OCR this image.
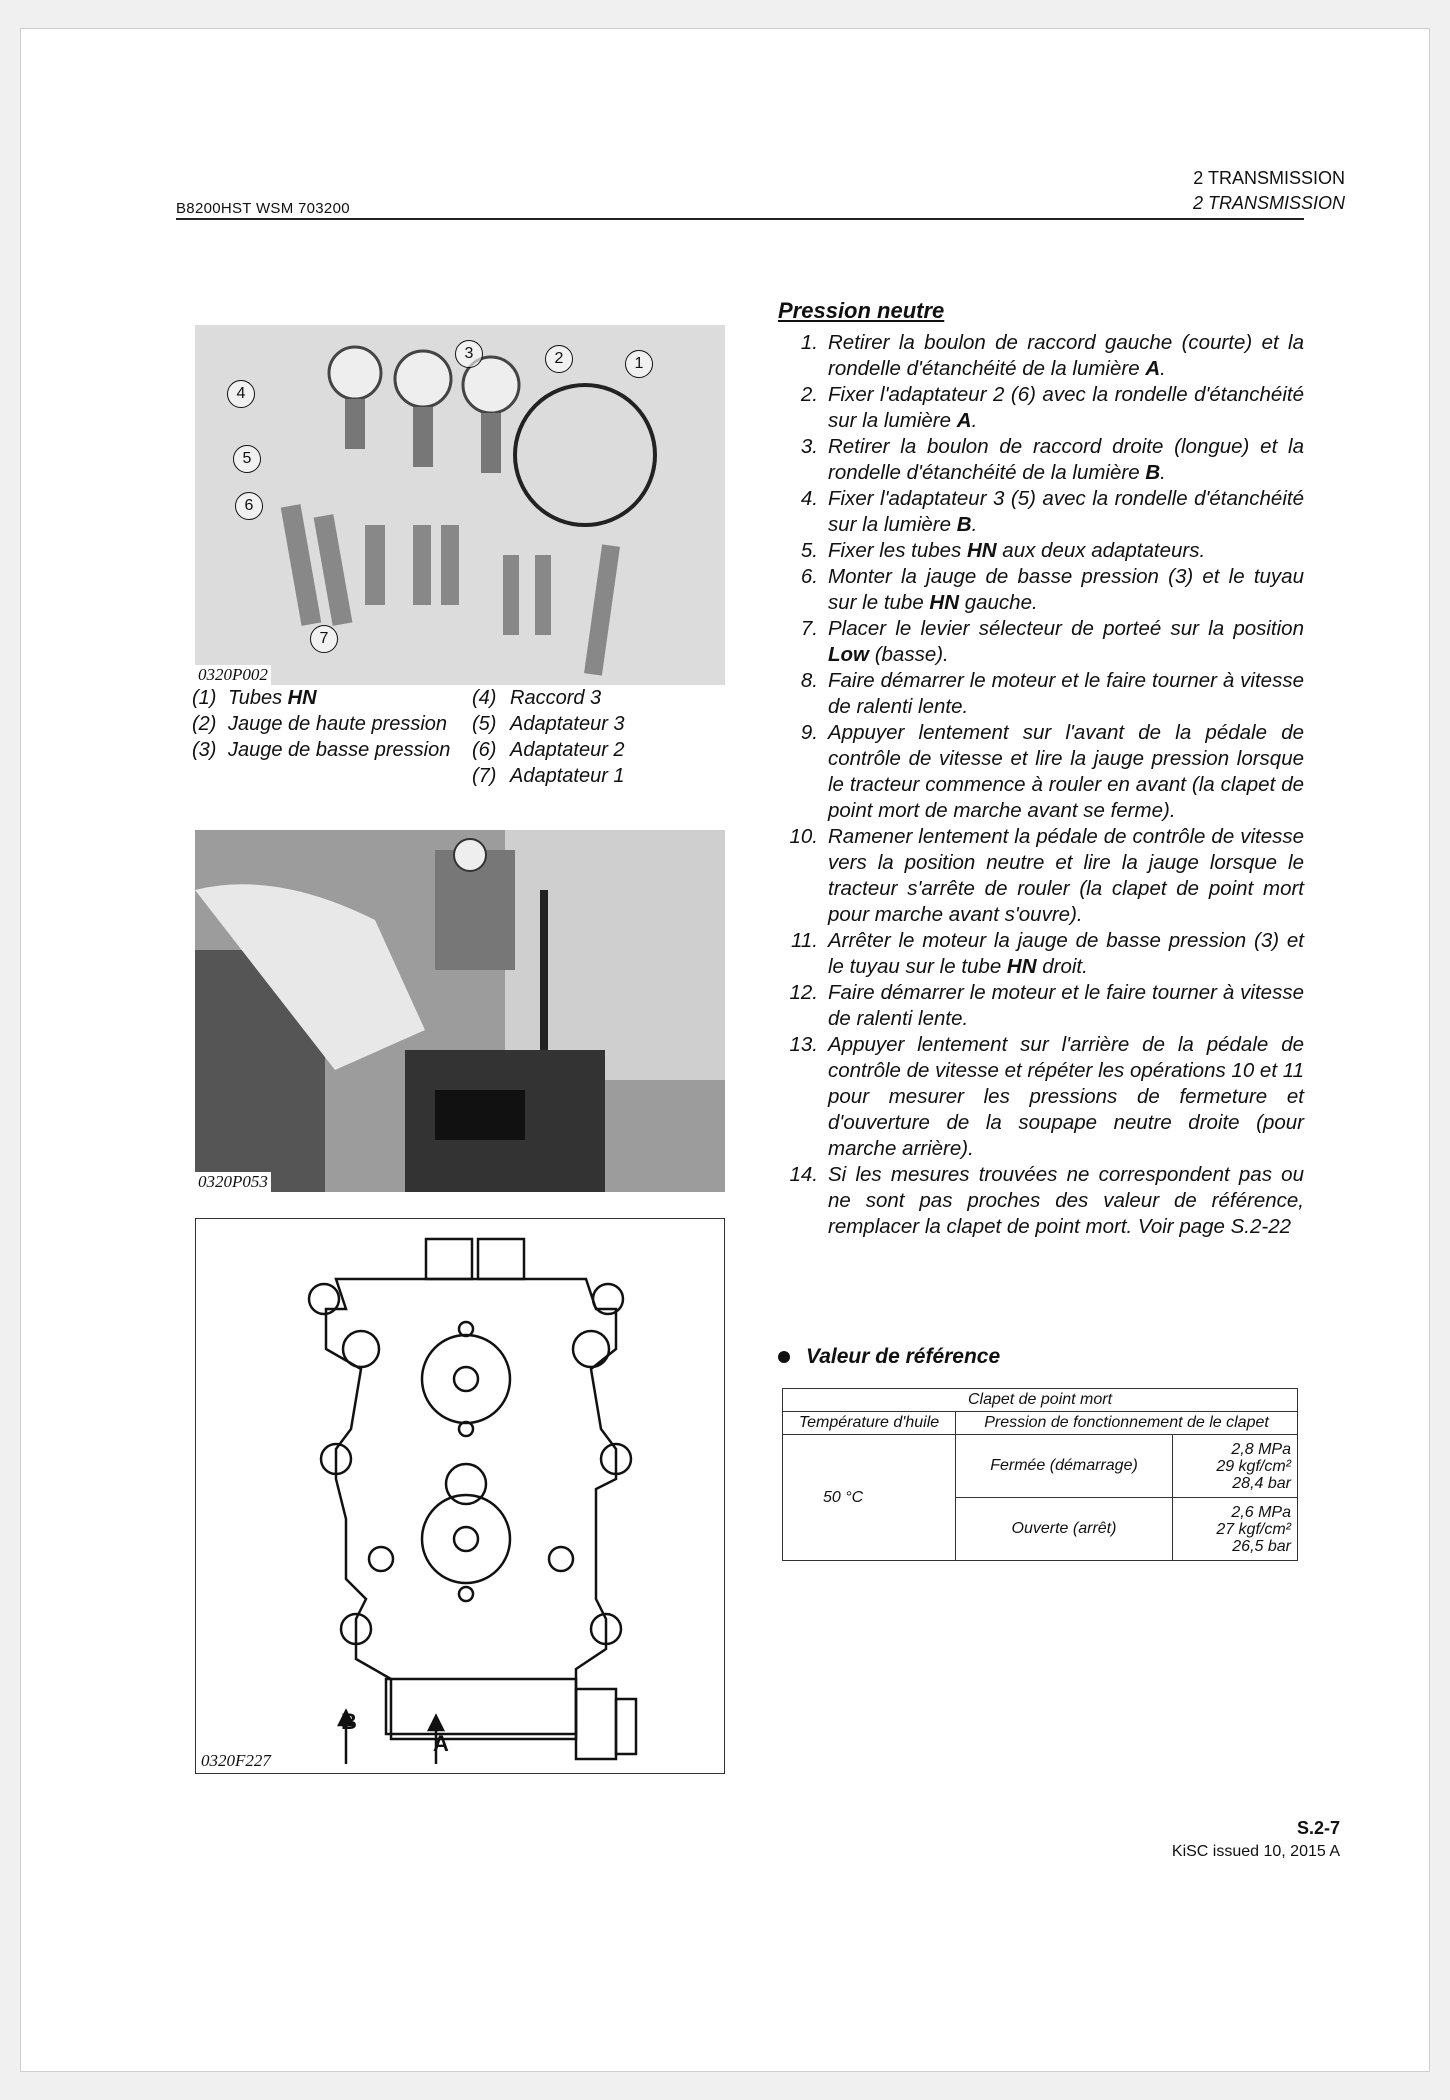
B8200HST WSM 703200
2 TRANSMISSION
2 TRANSMISSION
3	2	1
4
5
6
7
0320P002
(1) Tubes HN
(2) Jauge de haute pression
(3) Jauge de basse pression
(4) Raccord 3
(5) Adaptateur 3
(6) Adaptateur 2
(7) Adaptateur 1
0320P053
B
A
0320F227
Pression neutre
1. Retirer la boulon de raccord gauche (courte) et la rondelle d'étanchéité de la lumière A.
2. Fixer l'adaptateur 2 (6) avec la rondelle d'étanchéité sur la lumière A.
3. Retirer la boulon de raccord droite (longue) et la rondelle d'étanchéité de la lumière B.
4. Fixer l'adaptateur 3 (5) avec la rondelle d'étanchéité sur la lumière B.
5. Fixer les tubes HN aux deux adaptateurs.
6. Monter la jauge de basse pression (3) et le tuyau sur le tube HN gauche.
7. Placer le levier sélecteur de porteé sur la position Low (basse).
8. Faire démarrer le moteur et le faire tourner à vitesse de ralenti lente.
9. Appuyer lentement sur l'avant de la pédale de contrôle de vitesse et lire la jauge pression lorsque le tracteur commence à rouler en avant (la clapet de point mort de marche avant se ferme).
10. Ramener lentement la pédale de contrôle de vitesse vers la position neutre et lire la jauge lorsque le tracteur s'arrête de rouler (la clapet de point mort pour marche avant s'ouvre).
11. Arrêter le moteur la jauge de basse pression (3) et le tuyau sur le tube HN droit.
12. Faire démarrer le moteur et le faire tourner à vitesse de ralenti lente.
13. Appuyer lentement sur l'arrière de la pédale de contrôle de vitesse et répéter les opérations 10 et 11 pour mesurer les pressions de fermeture et d'ouverture de la soupape neutre droite (pour marche arrière).
14. Si les mesures trouvées ne correspondent pas ou ne sont pas proches des valeur de référence, remplacer la clapet de point mort. Voir page S.2-22
Valeur de référence
Clapet de point mort		
Température d'huile	Pression de fonctionnement de le clapet	
50 °C	Fermée (démarrage)	2,8 MPa
29 kgf/cm²
28,4 bar

	Ouverte (arrêt)	2,6 MPa
27 kgf/cm²
26,5 bar
S.2-7
KiSC issued 10, 2015 A
